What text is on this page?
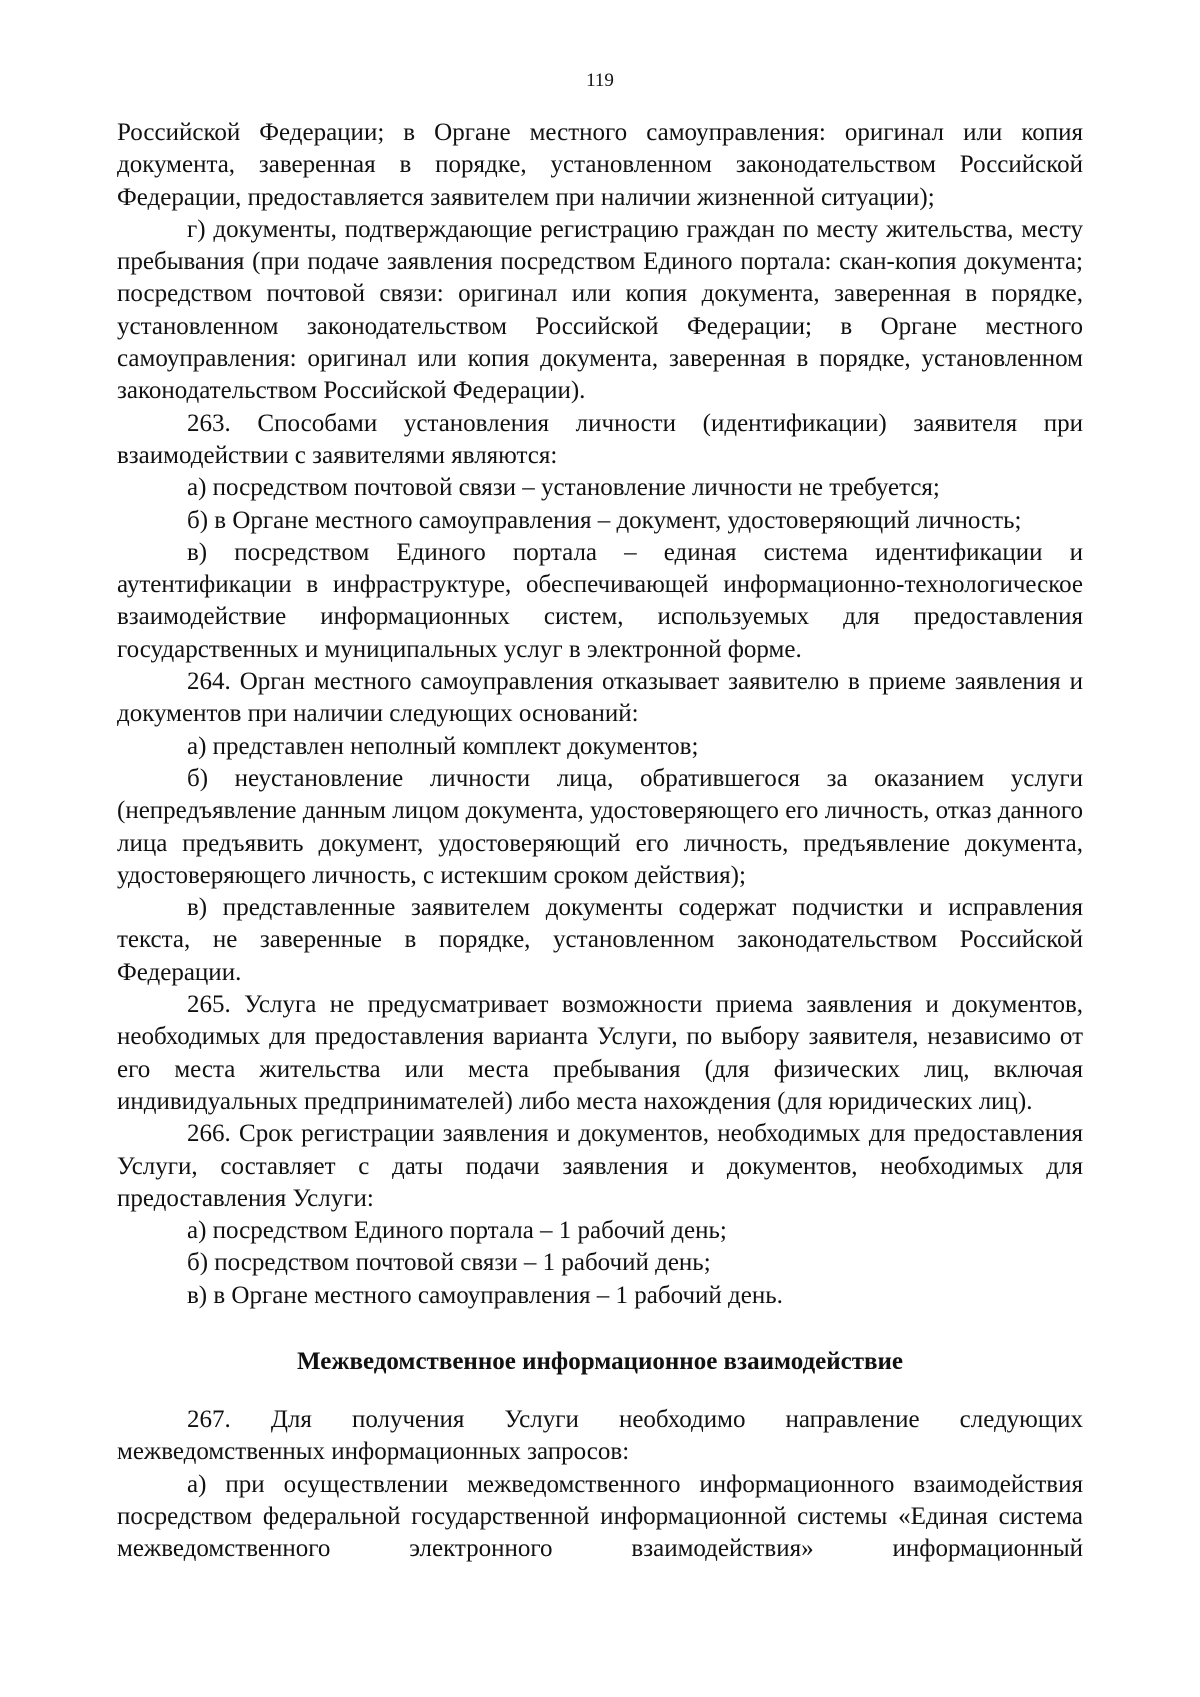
119

Российской Федерации; в Органе местного самоуправления: оригинал или копия документа, заверенная в порядке, установленном законодательством Российской Федерации, предоставляется заявителем при наличии жизненной ситуации);

г) документы, подтверждающие регистрацию граждан по месту жительства, месту пребывания (при подаче заявления посредством Единого портала: скан-копия документа; посредством почтовой связи: оригинал или копия документа, заверенная в порядке, установленном законодательством Российской Федерации; в Органе местного самоуправления: оригинал или копия документа, заверенная в порядке, установленном законодательством Российской Федерации).

263. Способами установления личности (идентификации) заявителя при взаимодействии с заявителями являются:

а) посредством почтовой связи – установление личности не требуется;

б) в Органе местного самоуправления – документ, удостоверяющий личность;

в) посредством Единого портала – единая система идентификации и аутентификации в инфраструктуре, обеспечивающей информационно-технологическое взаимодействие информационных систем, используемых для предоставления государственных и муниципальных услуг в электронной форме.

264. Орган местного самоуправления отказывает заявителю в приеме заявления и документов при наличии следующих оснований:

а) представлен неполный комплект документов;

б) неустановление личности лица, обратившегося за оказанием услуги (непредъявление данным лицом документа, удостоверяющего его личность, отказ данного лица предъявить документ, удостоверяющий его личность, предъявление документа, удостоверяющего личность, с истекшим сроком действия);

в) представленные заявителем документы содержат подчистки и исправления текста, не заверенные в порядке, установленном законодательством Российской Федерации.

265. Услуга не предусматривает возможности приема заявления и документов, необходимых для предоставления варианта Услуги, по выбору заявителя, независимо от его места жительства или места пребывания (для физических лиц, включая индивидуальных предпринимателей) либо места нахождения (для юридических лиц).

266. Срок регистрации заявления и документов, необходимых для предоставления Услуги, составляет с даты подачи заявления и документов, необходимых для предоставления Услуги:

а) посредством Единого портала – 1 рабочий день;

б) посредством почтовой связи – 1 рабочий день;

в) в Органе местного самоуправления – 1 рабочий день.

Межведомственное информационное взаимодействие

267. Для получения Услуги необходимо направление следующих межведомственных информационных запросов:

а) при осуществлении межведомственного информационного взаимодействия посредством федеральной государственной информационной системы «Единая система межведомственного электронного взаимодействия» информационный
